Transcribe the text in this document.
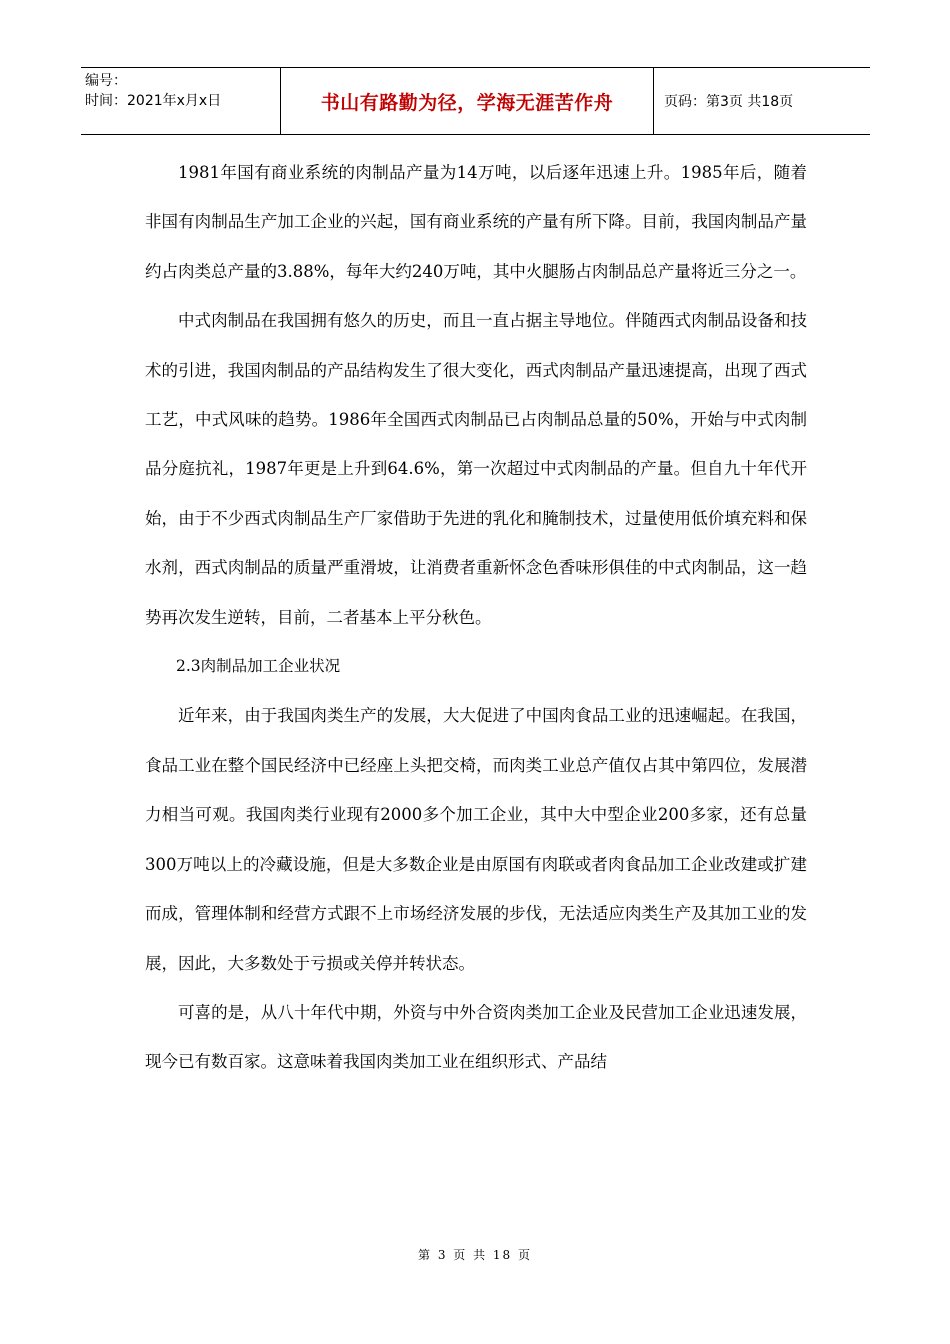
编号：
时间：2021年x月x日	书山有路勤为径，学海无涯苦作舟	页码：第3页 共18页

1981年国有商业系统的肉制品产量为14万吨，以后逐年迅速上升。1985年后，随着非国有肉制品生产加工企业的兴起，国有商业系统的产量有所下降。目前，我国肉制品产量约占肉类总产量的3.88%，每年大约240万吨，其中火腿肠占肉制品总产量将近三分之一。

中式肉制品在我国拥有悠久的历史，而且一直占据主导地位。伴随西式肉制品设备和技术的引进，我国肉制品的产品结构发生了很大变化，西式肉制品产量迅速提高，出现了西式工艺，中式风味的趋势。1986年全国西式肉制品已占肉制品总量的50%，开始与中式肉制品分庭抗礼，1987年更是上升到64.6%，第一次超过中式肉制品的产量。但自九十年代开始，由于不少西式肉制品生产厂家借助于先进的乳化和腌制技术，过量使用低价填充料和保水剂，西式肉制品的质量严重滑坡，让消费者重新怀念色香味形俱佳的中式肉制品，这一趋势再次发生逆转，目前，二者基本上平分秋色。

2.3肉制品加工企业状况

近年来，由于我国肉类生产的发展，大大促进了中国肉食品工业的迅速崛起。在我国，食品工业在整个国民经济中已经座上头把交椅，而肉类工业总产值仅占其中第四位，发展潜力相当可观。我国肉类行业现有2000多个加工企业，其中大中型企业200多家，还有总量300万吨以上的冷藏设施，但是大多数企业是由原国有肉联或者肉食品加工企业改建或扩建而成，管理体制和经营方式跟不上市场经济发展的步伐，无法适应肉类生产及其加工业的发展，因此，大多数处于亏损或关停并转状态。

可喜的是，从八十年代中期，外资与中外合资肉类加工企业及民营加工企业迅速发展，现今已有数百家。这意味着我国肉类加工业在组织形式、产品结

第 3 页 共 18 页
